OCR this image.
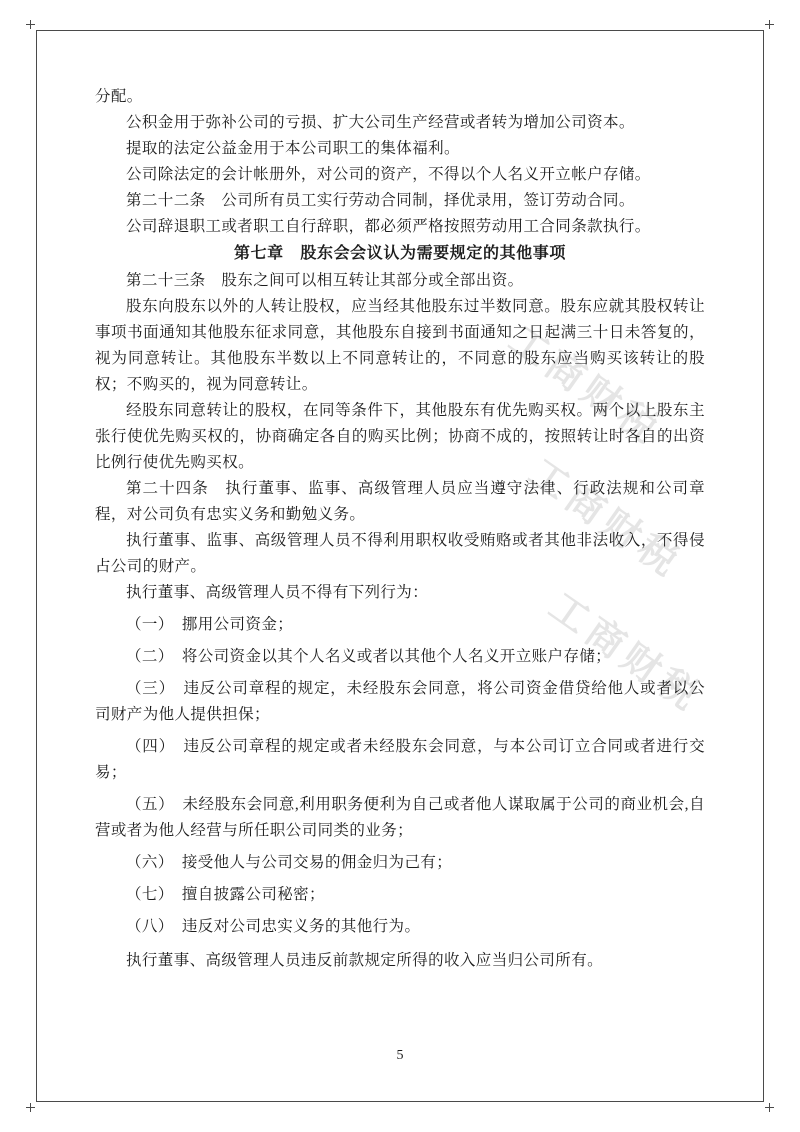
工商财税
工商财税
工商财税

分配。

公积金用于弥补公司的亏损、扩大公司生产经营或者转为增加公司资本。

提取的法定公益金用于本公司职工的集体福利。

公司除法定的会计帐册外，对公司的资产，不得以个人名义开立帐户存储。

第二十二条　公司所有员工实行劳动合同制，择优录用，签订劳动合同。

公司辞退职工或者职工自行辞职，都必须严格按照劳动用工合同条款执行。

第七章　股东会会议认为需要规定的其他事项

第二十三条　股东之间可以相互转让其部分或全部出资。

股东向股东以外的人转让股权，应当经其他股东过半数同意。股东应就其股权转让事项书面通知其他股东征求同意，其他股东自接到书面通知之日起满三十日未答复的，视为同意转让。其他股东半数以上不同意转让的，不同意的股东应当购买该转让的股权；不购买的，视为同意转让。

经股东同意转让的股权，在同等条件下，其他股东有优先购买权。两个以上股东主张行使优先购买权的，协商确定各自的购买比例；协商不成的，按照转让时各自的出资比例行使优先购买权。

第二十四条　执行董事、监事、高级管理人员应当遵守法律、行政法规和公司章程，对公司负有忠实义务和勤勉义务。

执行董事、监事、高级管理人员不得利用职权收受贿赂或者其他非法收入，不得侵占公司的财产。

执行董事、高级管理人员不得有下列行为：

（一）　挪用公司资金；

（二）　将公司资金以其个人名义或者以其他个人名义开立账户存储；

（三）　违反公司章程的规定，未经股东会同意，将公司资金借贷给他人或者以公司财产为他人提供担保；

（四）　违反公司章程的规定或者未经股东会同意，与本公司订立合同或者进行交易；

（五）　未经股东会同意,利用职务便利为自己或者他人谋取属于公司的商业机会,自营或者为他人经营与所任职公司同类的业务；

（六）　接受他人与公司交易的佣金归为己有；

（七）　擅自披露公司秘密；

（八）　违反对公司忠实义务的其他行为。

执行董事、高级管理人员违反前款规定所得的收入应当归公司所有。

5
